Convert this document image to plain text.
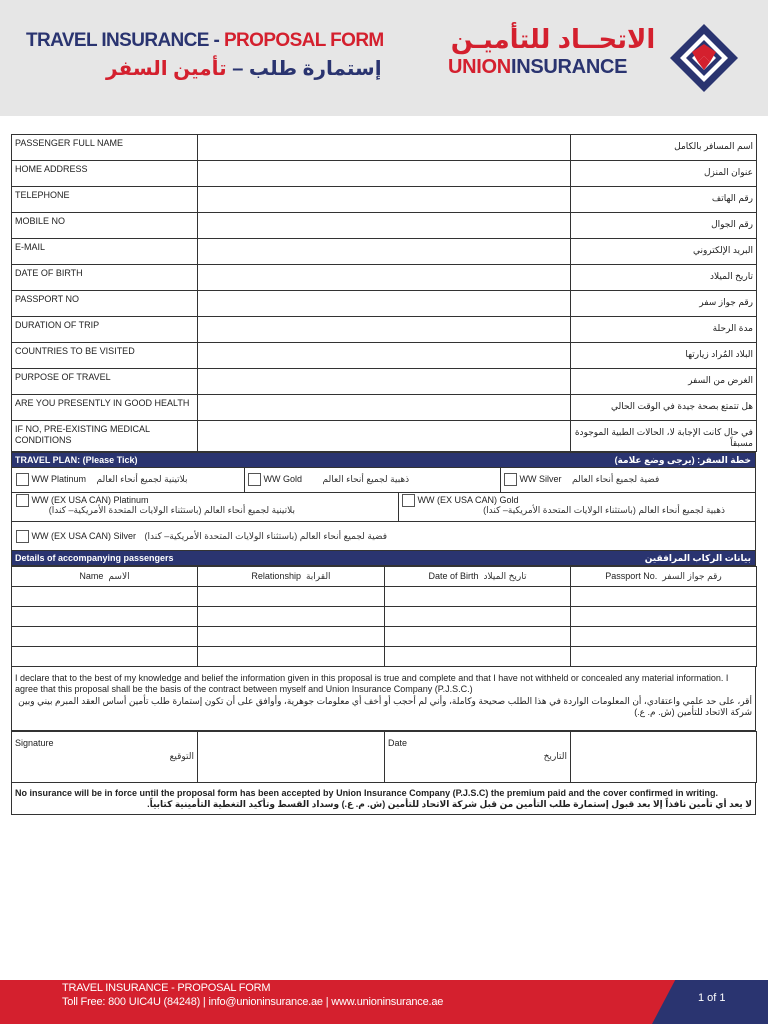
TRAVEL INSURANCE - PROPOSAL FORM
إستمارة طلب – تأمين السفر
الاتحــاد للتأميـن
UNIONINSURANCE
PASSENGER FULL NAME		اسم المسافر بالكامل
HOME ADDRESS		عنوان المنزل
TELEPHONE		رقم الهاتف
MOBILE NO		رقم الجوال
E-MAIL		البريد الإلكتروني
DATE OF BIRTH		تاريخ الميلاد
PASSPORT NO		رقم جواز سفر
DURATION OF TRIP		مدة الرحلة
COUNTRIES TO BE VISITED		البلاد المُراد زيارتها
PURPOSE OF TRAVEL		الغرض من السفر
ARE YOU PRESENTLY IN GOOD HEALTH		هل تتمتع بصحة جيدة في الوقت الحالي
IF NO, PRE-EXISTING MEDICAL CONDITIONS		في حال كانت الإجابة لا، الحالات الطبية الموجودة مسبقاً
TRAVEL PLAN: (Please Tick)	خطة السفر: (يرجى وضع علامة)
WW Platinum بلاتينية لجميع أنحاء العالم	WW Gold ذهبية لجميع أنحاء العالم	WW Silver فضية لجميع أنحاء العالم
WW (EX USA CAN) Platinum
بلاتينية لجميع أنحاء العالم (باستثناء الولايات المتحدة الأمريكية– كندا)
WW (EX USA CAN) Gold
ذهبية لجميع أنحاء العالم (باستثناء الولايات المتحدة الأمريكية– كندا)
WW (EX USA CAN) Silver فضية لجميع أنحاء العالم (باستثناء الولايات المتحدة الأمريكية– كندا)
Details of accompanying passengers	بيانات الركاب المرافقين
Name الاسم	Relationship القرابة	Date of Birth تاريخ الميلاد	Passport No. رقم جواز السفر

I declare that to the best of my knowledge and belief the information given in this proposal is true and complete and that I have not withheld or concealed any material information. I agree that this proposal shall be the basis of the contract between myself and Union Insurance Company (P.J.S.C.)
أقر، على حد علمي واعتقادي، أن المعلومات الواردة في هذا الطلب صحيحة وكاملة، وأني لم أحجب أو أخف أي معلومات جوهرية، وأوافق على أن تكون إستمارة طلب تأمين أساس العقد المبرم بيني وبين شركة الاتحاد للتأمين (ش. م. ع.)
Signature
التوقيع

Date
التاريخ

No insurance will be in force until the proposal form has been accepted by Union Insurance Company (P.J.S.C) the premium paid and the cover confirmed in writing.
لا يعد أي تأمين نافذاً إلا بعد قبول إستمارة طلب التأمين من قبل شركة الاتحاد للتأمين (ش. م. ع.) وسداد القسط وتأكيد التغطية التأمينية كتابياً.
TRAVEL INSURANCE - PROPOSAL FORM
Toll Free: 800 UIC4U (84248) | info@unioninsurance.ae | www.unioninsurance.ae	1 of 1
